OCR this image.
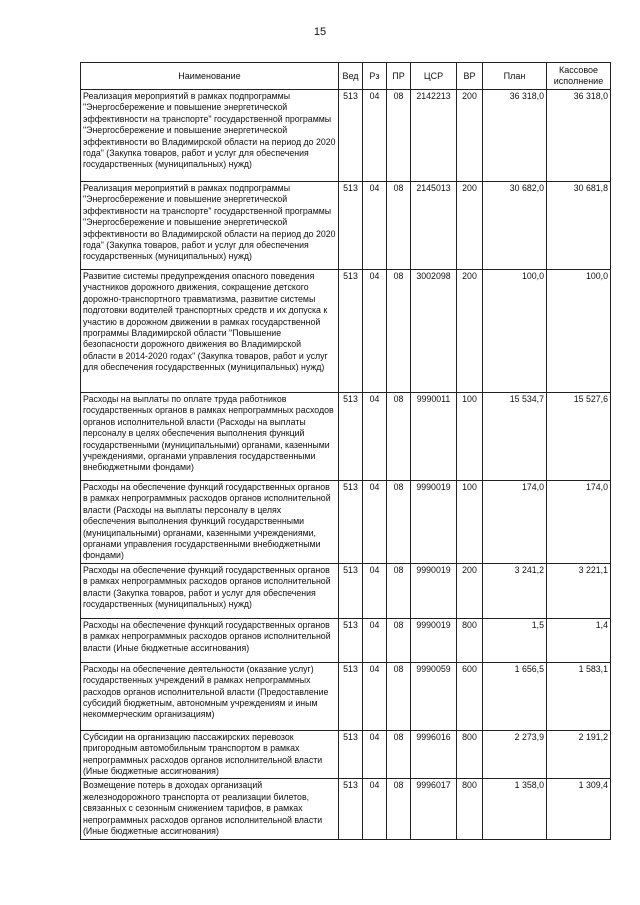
15
Наименование	Вед	Рз	ПР	ЦСР	ВР	План	Кассовое исполнение
Реализация мероприятий в рамках подпрограммы "Энергосбережение и повышение энергетической эффективности на транспорте" государственной программы "Энергосбережение и повышение энергетической эффективности во Владимирской области на период до 2020 года" (Закупка товаров, работ и услуг для обеспечения государственных (муниципальных) нужд)	513	04	08	2142213	200	36 318,0	36 318,0
Реализация мероприятий в рамках подпрограммы "Энергосбережение и повышение энергетической эффективности на транспорте" государственной программы "Энергосбережение и повышение энергетической эффективности во Владимирской области на период до 2020 года" (Закупка товаров, работ и услуг для обеспечения государственных (муниципальных) нужд)	513	04	08	2145013	200	30 682,0	30 681,8
Развитие системы предупреждения опасного поведения участников дорожного движения, сокращение детского дорожно-транспортного травматизма, развитие системы подготовки водителей транспортных средств и их допуска к участию в дорожном движении в рамках государственной программы Владимирской области "Повышение безопасности дорожного движения во Владимирской области в 2014-2020 годах" (Закупка товаров, работ и услуг для обеспечения государственных (муниципальных) нужд)	513	04	08	3002098	200	100,0	100,0
Расходы на выплаты по оплате труда работников государственных органов в рамках непрограммных расходов органов исполнительной власти (Расходы на выплаты персоналу в целях обеспечения выполнения функций государственными (муниципальными) органами, казенными учреждениями, органами управления государственными внебюджетными фондами)	513	04	08	9990011	100	15 534,7	15 527,6
Расходы на обеспечение функций государственных органов в рамках непрограммных расходов органов исполнительной власти (Расходы на выплаты персоналу в целях обеспечения выполнения функций государственными (муниципальными) органами, казенными учреждениями, органами управления государственными внебюджетными фондами)	513	04	08	9990019	100	174,0	174,0
Расходы на обеспечение функций государственных органов в рамках непрограммных расходов органов исполнительной власти (Закупка товаров, работ и услуг для обеспечения государственных (муниципальных) нужд)	513	04	08	9990019	200	3 241,2	3 221,1
Расходы на обеспечение функций государственных органов в рамках непрограммных расходов органов исполнительной власти (Иные бюджетные ассигнования)	513	04	08	9990019	800	1,5	1,4
Расходы на обеспечение деятельности (оказание услуг) государственных учреждений в рамках непрограммных расходов органов исполнительной власти (Предоставление субсидий бюджетным, автономным учреждениям и иным некоммерческим организациям)	513	04	08	9990059	600	1 656,5	1 583,1
Субсидии на организацию пассажирских перевозок пригородным автомобильным транспортом в рамках непрограммных расходов органов исполнительной власти (Иные бюджетные ассигнования)	513	04	08	9996016	800	2 273,9	2 191,2
Возмещение потерь в доходах организаций железнодорожного транспорта от реализации билетов, связанных с сезонным снижением тарифов, в рамках непрограммных расходов органов исполнительной власти (Иные бюджетные ассигнования)	513	04	08	9996017	800	1 358,0	1 309,4
